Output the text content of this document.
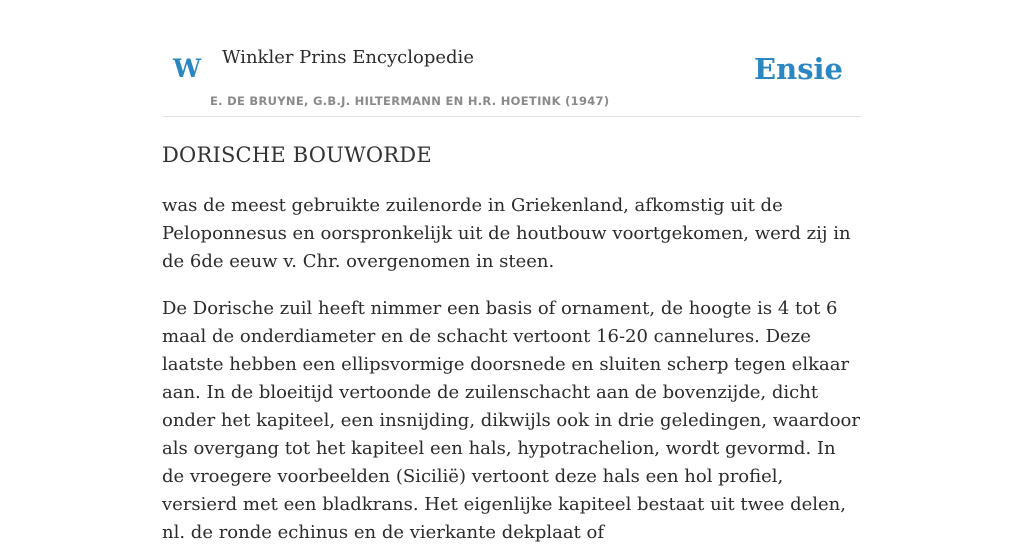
W Winkler Prins Encyclopedie
E. DE BRUYNE, G.B.J. HILTERMANN EN H.R. HOETINK (1947)
Ensie
DORISCHE BOUWORDE

was de meest gebruikte zuilenorde in Griekenland, afkomstig uit de Peloponnesus en oorspronkelijk uit de houtbouw voortgekomen, werd zij in de 6de eeuw v. Chr. overgenomen in steen.

De Dorische zuil heeft nimmer een basis of ornament, de hoogte is 4 tot 6 maal de onderdiameter en de schacht vertoont 16-20 cannelures. Deze laatste hebben een ellipsvormige doorsnede en sluiten scherp tegen elkaar aan. In de bloeitijd vertoonde de zuilenschacht aan de bovenzijde, dicht onder het kapiteel, een insnijding, dikwijls ook in drie geledingen, waardoor als overgang tot het kapiteel een hals, hypotrachelion, wordt gevormd. In de vroegere voorbeelden (Sicilië) vertoont deze hals een hol profiel, versierd met een bladkrans. Het eigenlijke kapiteel bestaat uit twee delen, nl. de ronde echinus en de vierkante dekplaat of
